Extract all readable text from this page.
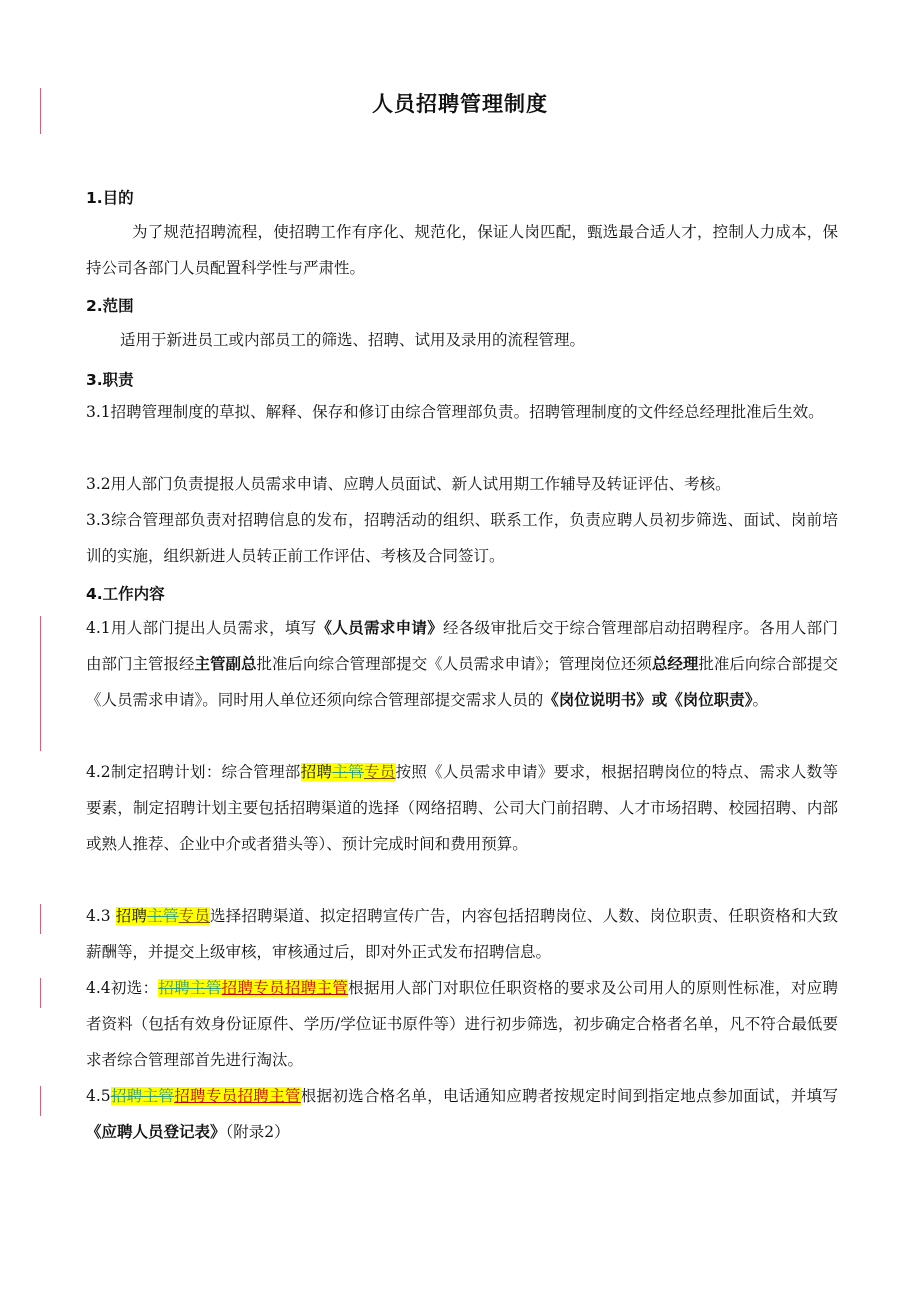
人员招聘管理制度
1.目的
为了规范招聘流程，使招聘工作有序化、规范化，保证人岗匹配，甄选最合适人才，控制人力成本，保持公司各部门人员配置科学性与严肃性。
2.范围
适用于新进员工或内部员工的筛选、招聘、试用及录用的流程管理。
3.职责
3.1招聘管理制度的草拟、解释、保存和修订由综合管理部负责。招聘管理制度的文件经总经理批准后生效。
3.2用人部门负责提报人员需求申请、应聘人员面试、新人试用期工作辅导及转证评估、考核。
3.3综合管理部负责对招聘信息的发布，招聘活动的组织、联系工作，负责应聘人员初步筛选、面试、岗前培训的实施，组织新进人员转正前工作评估、考核及合同签订。
4.工作内容
4.1用人部门提出人员需求，填写《人员需求申请》经各级审批后交于综合管理部启动招聘程序。各用人部门由部门主管报经主管副总批准后向综合管理部提交《人员需求申请》；管理岗位还须总经理批准后向综合部提交《人员需求申请》。同时用人单位还须向综合管理部提交需求人员的《岗位说明书》或《岗位职责》。
4.2制定招聘计划：综合管理部招聘主管专员按照《人员需求申请》要求，根据招聘岗位的特点、需求人数等要素，制定招聘计划主要包括招聘渠道的选择（网络招聘、公司大门前招聘、人才市场招聘、校园招聘、内部或熟人推荐、企业中介或者猎头等）、预计完成时间和费用预算。
4.3 招聘主管专员选择招聘渠道、拟定招聘宣传广告，内容包括招聘岗位、人数、岗位职责、任职资格和大致薪酬等，并提交上级审核，审核通过后，即对外正式发布招聘信息。
4.4初选：招聘主管招聘专员招聘主管根据用人部门对职位任职资格的要求及公司用人的原则性标准，对应聘者资料（包括有效身份证原件、学历/学位证书原件等）进行初步筛选，初步确定合格者名单，凡不符合最低要求者综合管理部首先进行淘汰。
4.5招聘主管招聘专员招聘主管根据初选合格名单，电话通知应聘者按规定时间到指定地点参加面试，并填写《应聘人员登记表》（附录2）
